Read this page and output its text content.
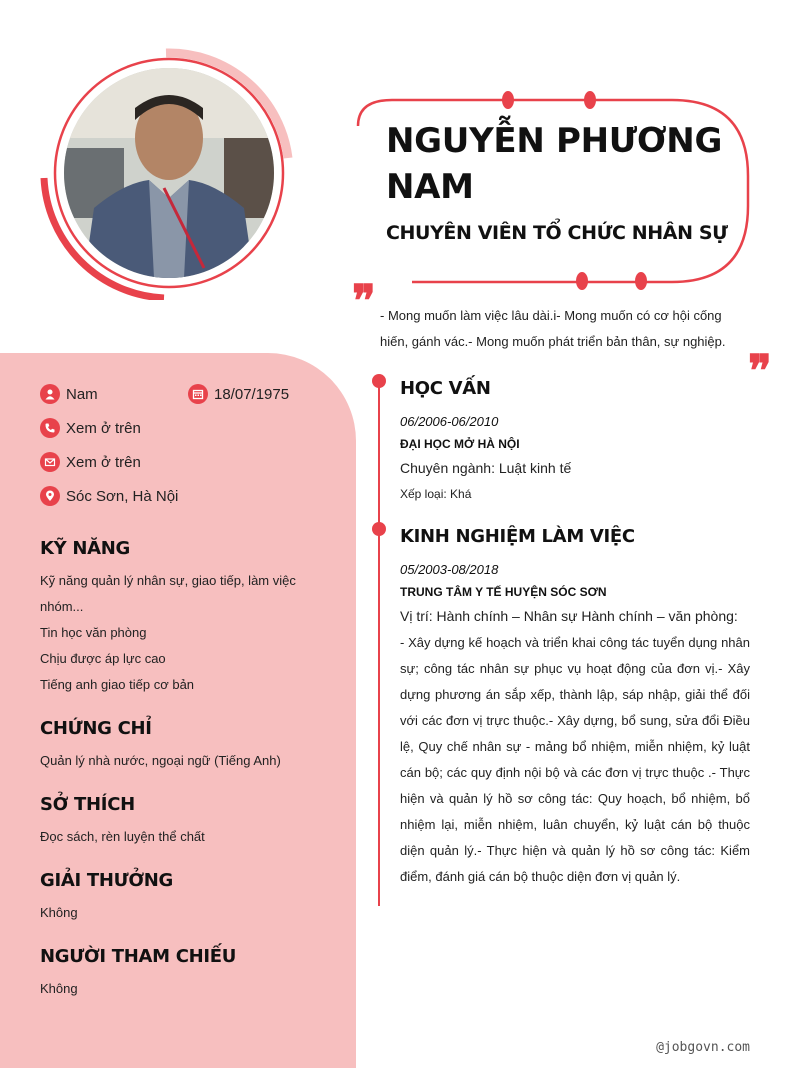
NGUYỄN PHƯƠNG NAM
CHUYÊN VIÊN TỔ CHỨC NHÂN SỰ
❞ - Mong muốn làm việc lâu dài.i- Mong muốn có cơ hội cống hiến, gánh vác.- Mong muốn phát triển bản thân, sự nghiệp.
❞
Nam	18/07/1975
Xem ở trên
Xem ở trên
Sóc Sơn, Hà Nội
KỸ NĂNG
Kỹ năng quản lý nhân sự, giao tiếp, làm việc nhóm...
Tin học văn phòng
Chịu được áp lực cao
Tiếng anh giao tiếp cơ bản
CHỨNG CHỈ
Quản lý nhà nước, ngoại ngữ (Tiếng Anh)
SỞ THÍCH
Đọc sách, rèn luyện thể chất
GIẢI THƯỞNG
Không
NGƯỜI THAM CHIẾU
Không
HỌC VẤN
06/2006-06/2010
ĐẠI HỌC MỞ HÀ NỘI
Chuyên ngành: Luật kinh tế
Xếp loại: Khá
KINH NGHIỆM LÀM VIỆC
05/2003-08/2018
TRUNG TÂM Y TẾ HUYỆN SÓC SƠN
Vị trí: Hành chính – Nhân sự Hành chính – văn phòng:
- Xây dựng kế hoạch và triển khai công tác tuyển dụng nhân sự; công tác nhân sự phục vụ hoạt động của đơn vị.- Xây dựng phương án sắp xếp, thành lập, sáp nhập, giải thể đối với các đơn vị trực thuộc.- Xây dựng, bổ sung, sửa đổi Điều lệ, Quy chế nhân sự - mảng bổ nhiệm, miễn nhiệm, kỷ luật cán bộ; các quy định nội bộ và các đơn vị trực thuộc .- Thực hiện và quản lý hồ sơ công tác: Quy hoạch, bổ nhiệm, bổ nhiệm lại, miễn nhiệm, luân chuyển, kỷ luật cán bộ thuộc diện quản lý.- Thực hiện và quản lý hồ sơ công tác: Kiểm điểm, đánh giá cán bộ thuộc diện đơn vị quản lý.
@jobgovn.com
